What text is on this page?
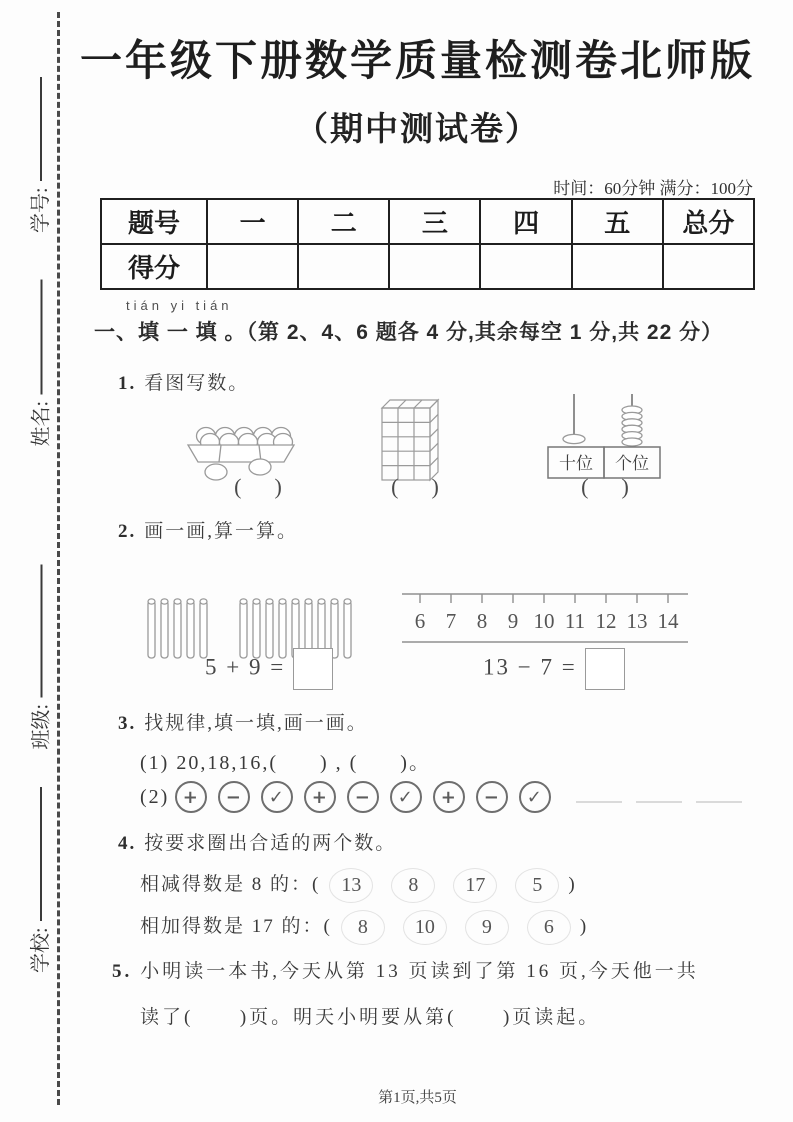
学号:
姓名:
班级:
学校:
一年级下册数学质量检测卷北师版
（期中测试卷）
时间：60分钟 满分：100分
题号	一	二	三	四	五	总分
得分
tián yi tián
一、填 一 填 。（第 2、4、6 题各 4 分,其余每空 1 分,共 22 分）
1. 看图写数。
十位 个位
(      )	(      )	(      )
2. 画一画,算一算。
6 7 8 9 10 11 12 13 14
5 + 9 =	13 − 7 =
3. 找规律,填一填,画一画。
(1) 20,18,16,(      ) , (      )。
(2) + − ✓ + − ✓ + − ✓
4. 按要求圈出合适的两个数。
相减得数是 8 的：( 13 8 17 5 )
相加得数是 17 的：( 8 10 9	6 )
5. 小明读一本书,今天从第 13 页读到了第 16 页,今天他一共
读了(      )页。明天小明要从第(      )页读起。
第1页,共5页
